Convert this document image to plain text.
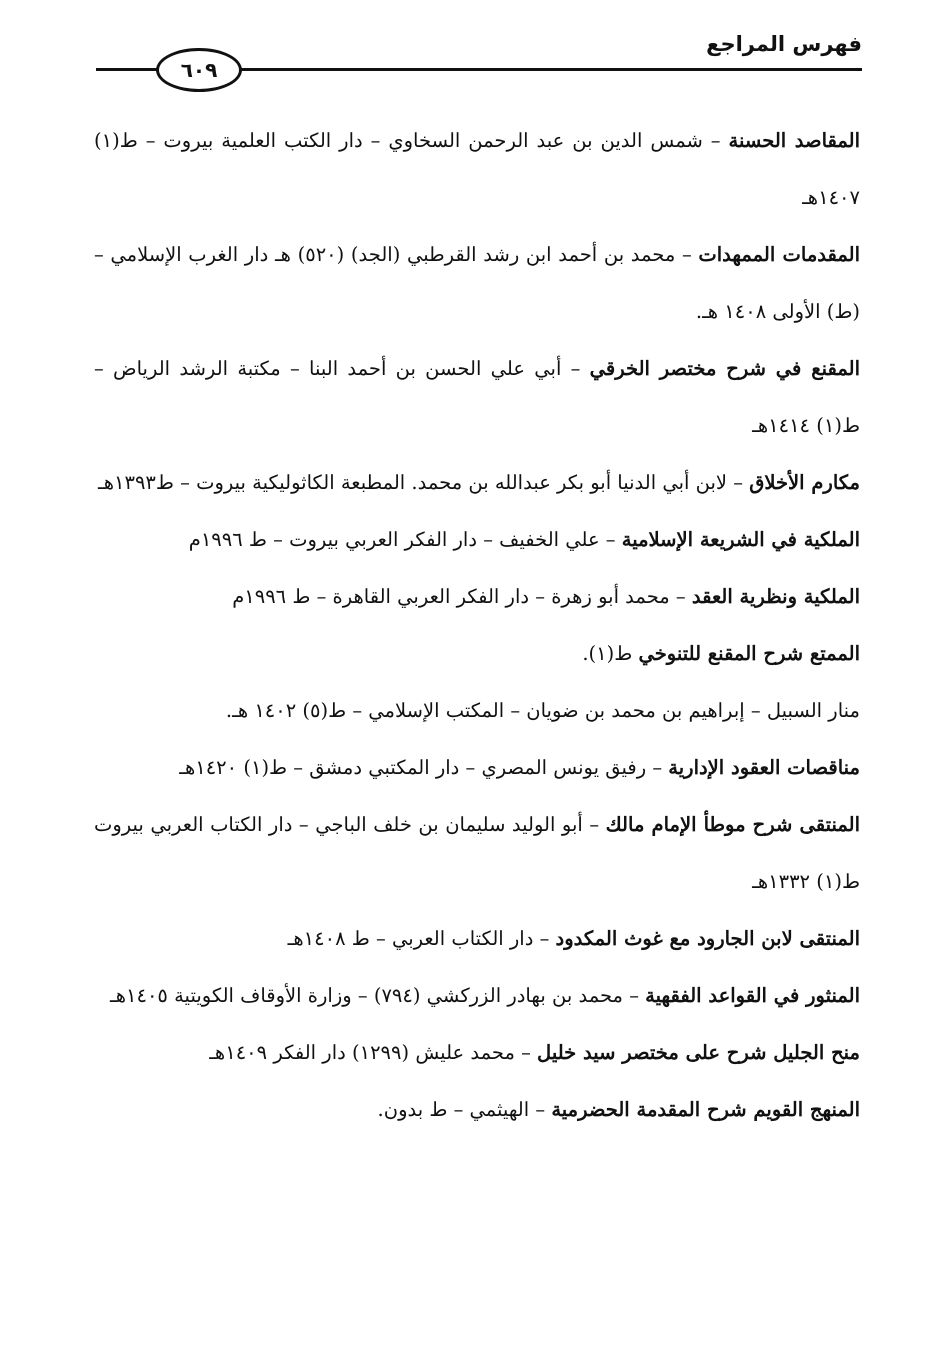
فهرس المراجع
٦٠٩

المقاصد الحسنة – شمس الدين بن عبد الرحمن السخاوي – دار الكتب العلمية بيروت – ط(١) ١٤٠٧هـ

المقدمات الممهدات – محمد بن أحمد ابن رشد القرطبي (الجد) (٥٢٠) هـ دار الغرب الإسلامي – (ط) الأولى ١٤٠٨ هـ.

المقنع في شرح مختصر الخرقي – أبي علي الحسن بن أحمد البنا – مكتبة الرشد الرياض – ط(١) ١٤١٤هـ

مكارم الأخلاق – لابن أبي الدنيا أبو بكر عبدالله بن محمد. المطبعة الكاثوليكية بيروت – ط١٣٩٣هـ

الملكية في الشريعة الإسلامية – علي الخفيف – دار الفكر العربي بيروت – ط ١٩٩٦م

الملكية ونظرية العقد – محمد أبو زهرة – دار الفكر العربي القاهرة – ط ١٩٩٦م

الممتع شرح المقنع للتنوخي ط(١).

منار السبيل – إبراهيم بن محمد بن ضويان – المكتب الإسلامي – ط(٥) ١٤٠٢ هـ.

مناقصات العقود الإدارية – رفيق يونس المصري – دار المكتبي دمشق – ط(١) ١٤٢٠هـ

المنتقى شرح موطأ الإمام مالك – أبو الوليد سليمان بن خلف الباجي – دار الكتاب العربي بيروت ط(١) ١٣٣٢هـ

المنتقى لابن الجارود مع غوث المكدود – دار الكتاب العربي – ط ١٤٠٨هـ

المنثور في القواعد الفقهية – محمد بن بهادر الزركشي (٧٩٤) – وزارة الأوقاف الكويتية ١٤٠٥هـ

منح الجليل شرح على مختصر سيد خليل – محمد عليش (١٢٩٩) دار الفكر ١٤٠٩هـ

المنهج القويم شرح المقدمة الحضرمية – الهيثمي – ط بدون.
